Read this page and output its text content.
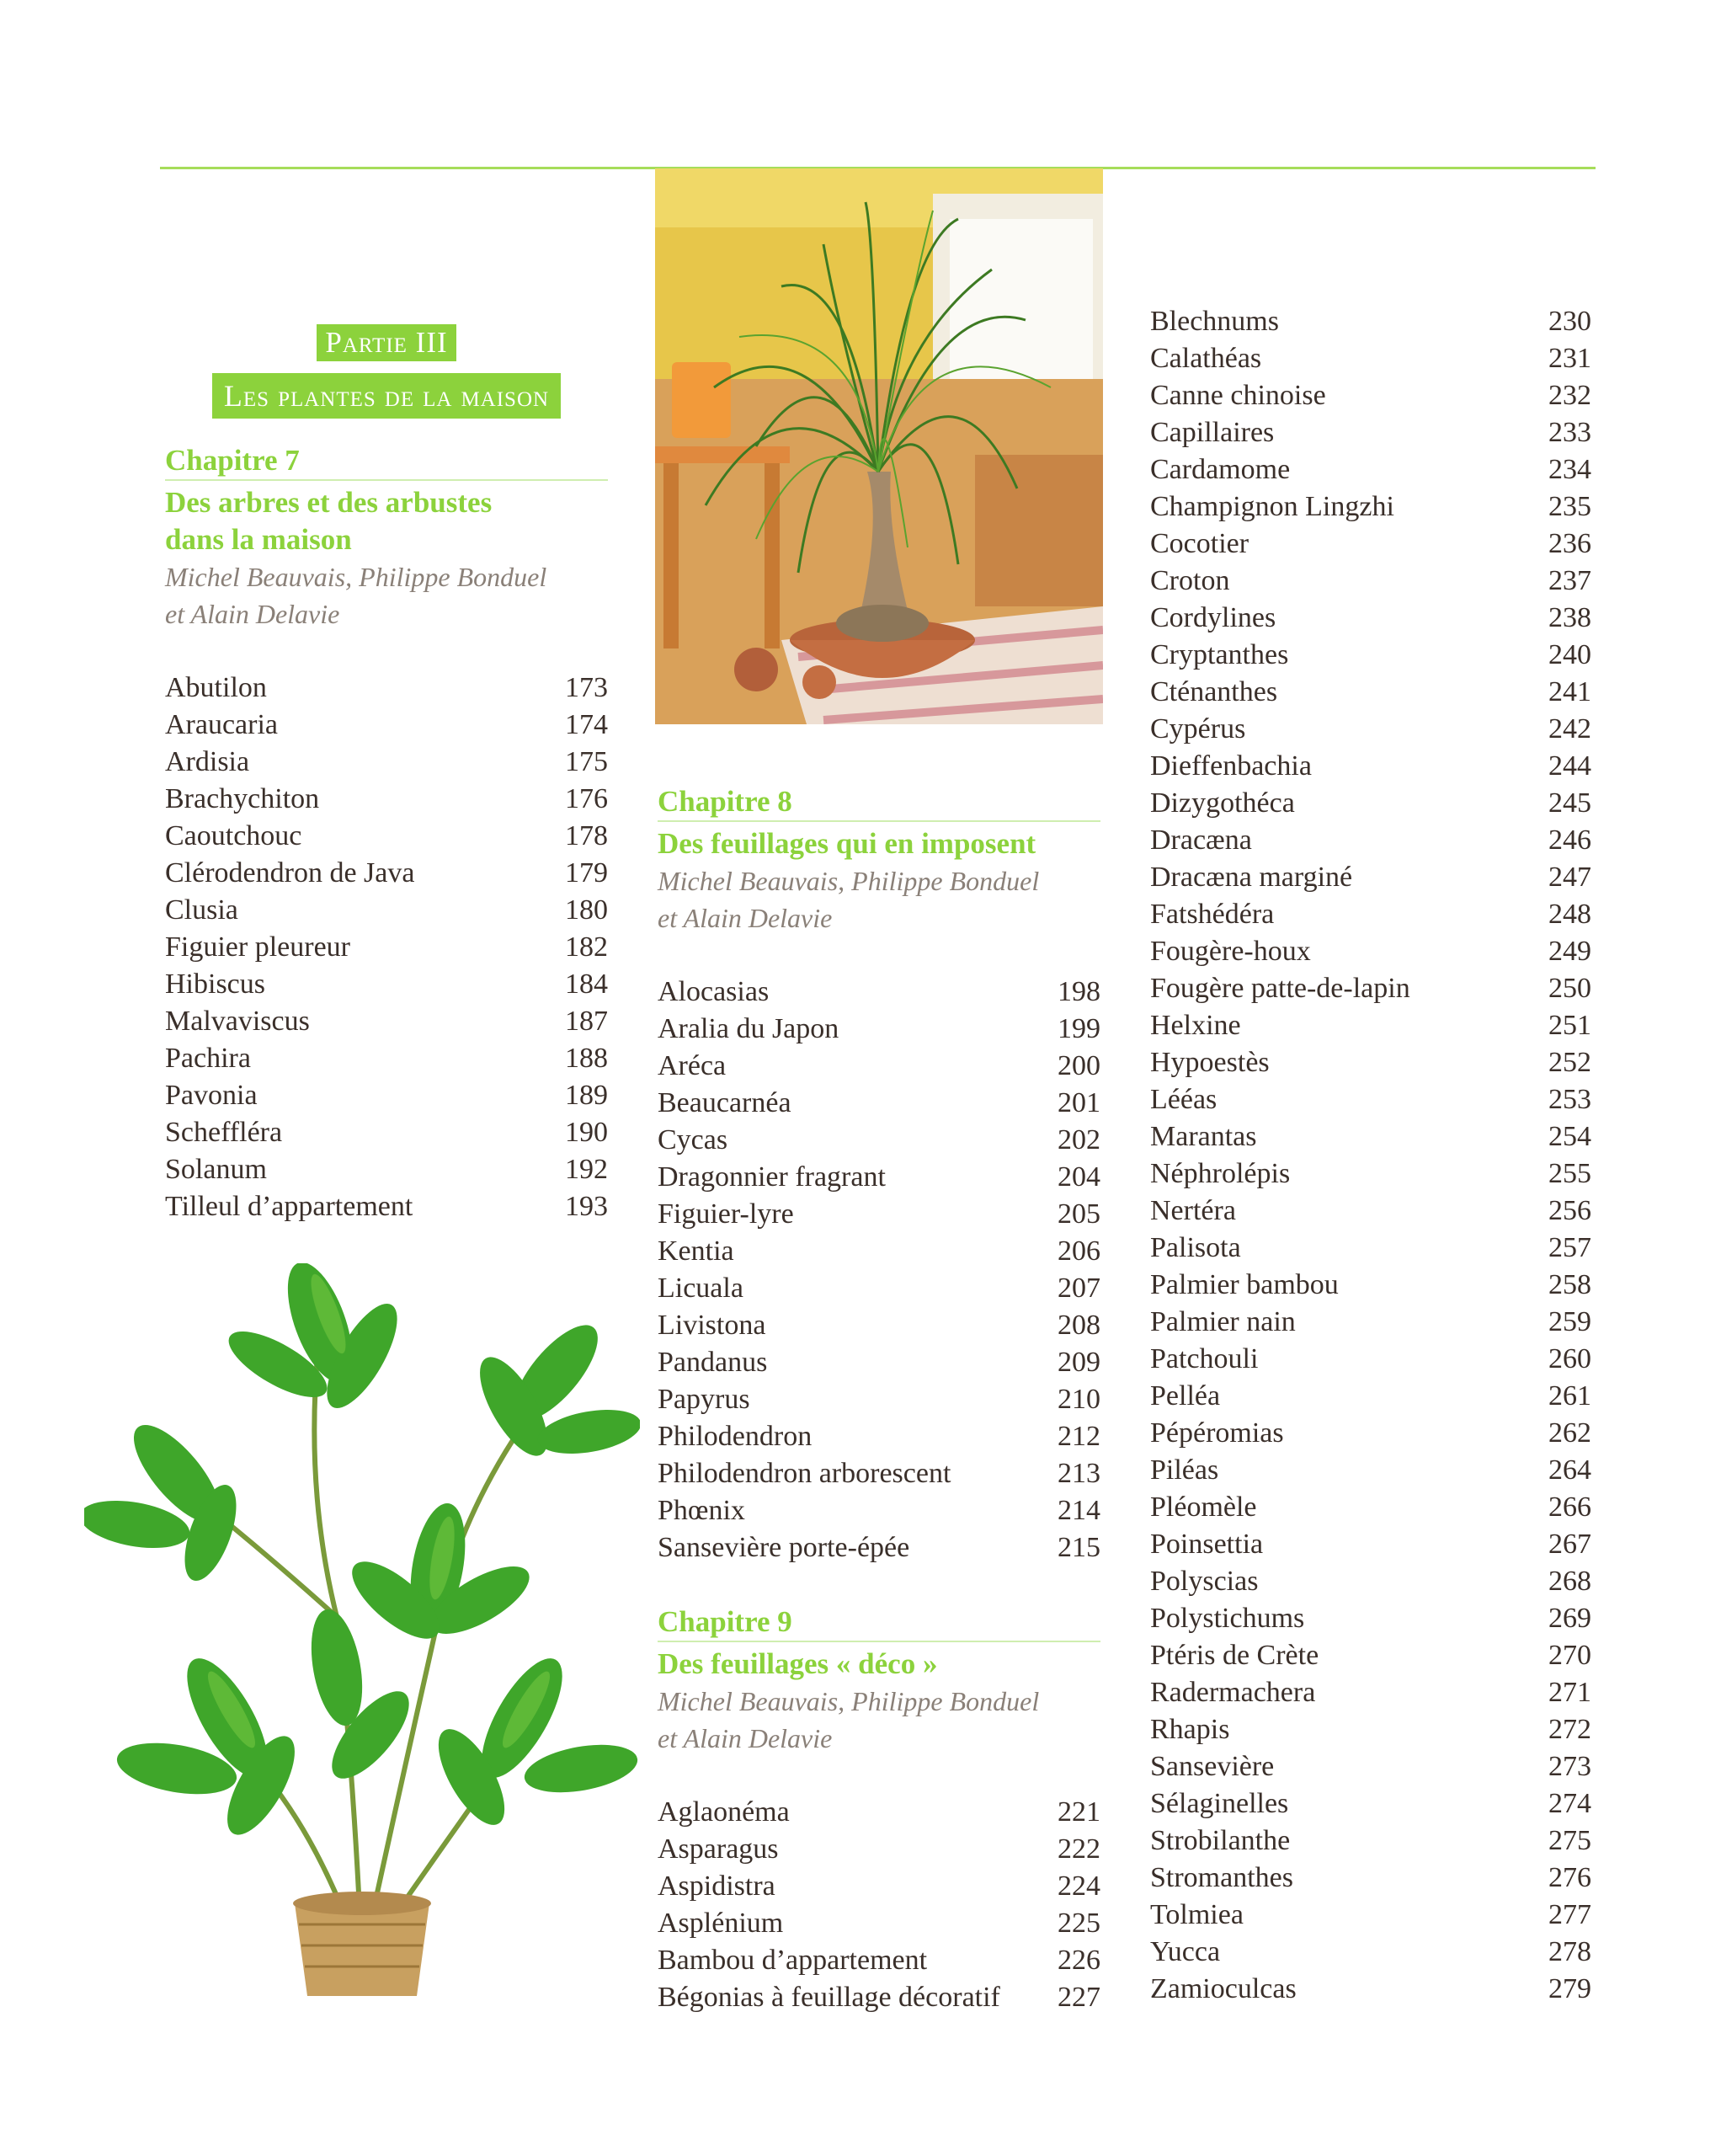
Partie III
Les plantes de la maison
Chapitre 7
Des arbres et des arbustes
dans la maison
Michel Beauvais, Philippe Bonduel
et Alain Delavie
Abutilon	173
Araucaria	174
Ardisia	175
Brachychiton	176
Caoutchouc	178
Clérodendron de Java	179
Clusia	180
Figuier pleureur	182
Hibiscus	184
Malvaviscus	187
Pachira	188
Pavonia	189
Scheffléra	190
Solanum	192
Tilleul d’appartement	193
Chapitre 8
Des feuillages qui en imposent
Michel Beauvais, Philippe Bonduel
et Alain Delavie
Alocasias	198
Aralia du Japon	199
Aréca	200
Beaucarnéa	201
Cycas	202
Dragonnier fragrant	204
Figuier-lyre	205
Kentia	206
Licuala	207
Livistona	208
Pandanus	209
Papyrus	210
Philodendron	212
Philodendron arborescent	213
Phœnix	214
Sansevière porte-épée	215
Chapitre 9
Des feuillages « déco »
Michel Beauvais, Philippe Bonduel
et Alain Delavie
Aglaonéma	221
Asparagus	222
Aspidistra	224
Asplénium	225
Bambou d’appartement	226
Bégonias à feuillage décoratif 227
Blechnums	230
Calathéas	231
Canne chinoise	232
Capillaires	233
Cardamome	234
Champignon Lingzhi	235
Cocotier	236
Croton	237
Cordylines	238
Cryptanthes	240
Cténanthes	241
Cypérus	242
Dieffenbachia	244
Dizygothéca	245
Dracæna	246
Dracæna marginé	247
Fatshédéra	248
Fougère-houx	249
Fougère patte-de-lapin	250
Helxine	251
Hypoestès	252
Lééas	253
Marantas	254
Néphrolépis	255
Nertéra	256
Palisota	257
Palmier bambou	258
Palmier nain	259
Patchouli	260
Pelléa	261
Pépéromias	262
Piléas	264
Pléomèle	266
Poinsettia	267
Polyscias	268
Polystichums	269
Ptéris de Crète	270
Radermachera	271
Rhapis	272
Sansevière	273
Sélaginelles	274
Strobilanthe	275
Stromanthes	276
Tolmiea	277
Yucca	278
Zamioculcas	279
